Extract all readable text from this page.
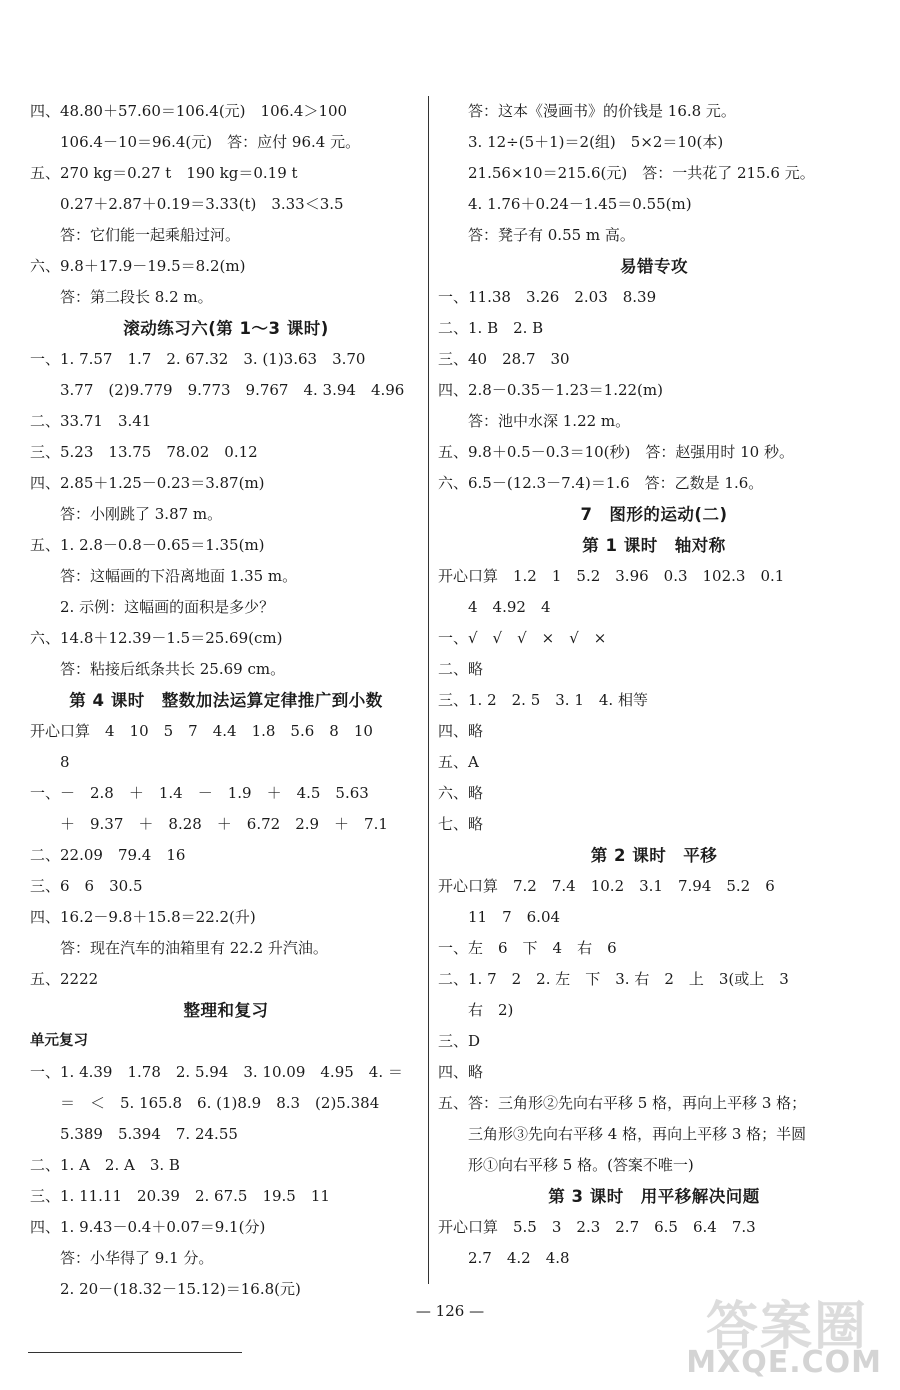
四、48.80＋57.60＝106.4(元)　106.4＞100
106.4－10＝96.4(元)　答：应付 96.4 元。
五、270 kg＝0.27 t　190 kg＝0.19 t
0.27＋2.87＋0.19＝3.33(t)　3.33＜3.5
答：它们能一起乘船过河。
六、9.8＋17.9－19.5＝8.2(m)
答：第二段长 8.2 m。
滚动练习六(第 1～3 课时)
一、1. 7.57　1.7　2. 67.32　3. (1)3.63　3.70
3.77　(2)9.779　9.773　9.767　4. 3.94　4.96
二、33.71　3.41
三、5.23　13.75　78.02　0.12
四、2.85＋1.25－0.23＝3.87(m)
答：小刚跳了 3.87 m。
五、1. 2.8－0.8－0.65＝1.35(m)
答：这幅画的下沿离地面 1.35 m。
2. 示例：这幅画的面积是多少？
六、14.8＋12.39－1.5＝25.69(cm)
答：粘接后纸条共长 25.69 cm。
第 4 课时　整数加法运算定律推广到小数
开心口算　4　10　5　7　4.4　1.8　5.6　8　10
8
一、－　2.8　＋　1.4　－　1.9　＋　4.5　5.63
＋　9.37　＋　8.28　＋　6.72　2.9　＋　7.1
二、22.09　79.4　16
三、6　6　30.5
四、16.2－9.8＋15.8＝22.2(升)
答：现在汽车的油箱里有 22.2 升汽油。
五、2222
整理和复习
单元复习
一、1. 4.39　1.78　2. 5.94　3. 10.09　4.95　4. ＝
＝　＜　5. 165.8　6. (1)8.9　8.3　(2)5.384
5.389　5.394　7. 24.55
二、1. A　2. A　3. B
三、1. 11.11　20.39　2. 67.5　19.5　11
四、1. 9.43－0.4＋0.07＝9.1(分)
答：小华得了 9.1 分。
2. 20－(18.32－15.12)＝16.8(元)
答：这本《漫画书》的价钱是 16.8 元。
3. 12÷(5＋1)＝2(组)　5×2＝10(本)
21.56×10＝215.6(元)　答：一共花了 215.6 元。
4. 1.76＋0.24－1.45＝0.55(m)
答：凳子有 0.55 m 高。
易错专攻
一、11.38　3.26　2.03　8.39
二、1. B　2. B
三、40　28.7　30
四、2.8－0.35－1.23＝1.22(m)
答：池中水深 1.22 m。
五、9.8＋0.5－0.3＝10(秒)　答：赵强用时 10 秒。
六、6.5－(12.3－7.4)＝1.6　答：乙数是 1.6。
7　图形的运动(二)
第 1 课时　轴对称
开心口算　1.2　1　5.2　3.96　0.3　102.3　0.1
4　4.92　4
一、√　√　√　×　√　×
二、略
三、1. 2　2. 5　3. 1　4. 相等
四、略
五、A
六、略
七、略
第 2 课时　平移
开心口算　7.2　7.4　10.2　3.1　7.94　5.2　6
11　7　6.04
一、左　6　下　4　右　6
二、1. 7　2　2. 左　下　3. 右　2　上　3(或上　3
右　2)
三、D
四、略
五、答：三角形②先向右平移 5 格，再向上平移 3 格；
三角形③先向右平移 4 格，再向上平移 3 格；半圆
形①向右平移 5 格。(答案不唯一)
第 3 课时　用平移解决问题
开心口算　5.5　3　2.3　2.7　6.5　6.4　7.3
2.7　4.2　4.8
— 126 —	答案圈
MXQE.COM
